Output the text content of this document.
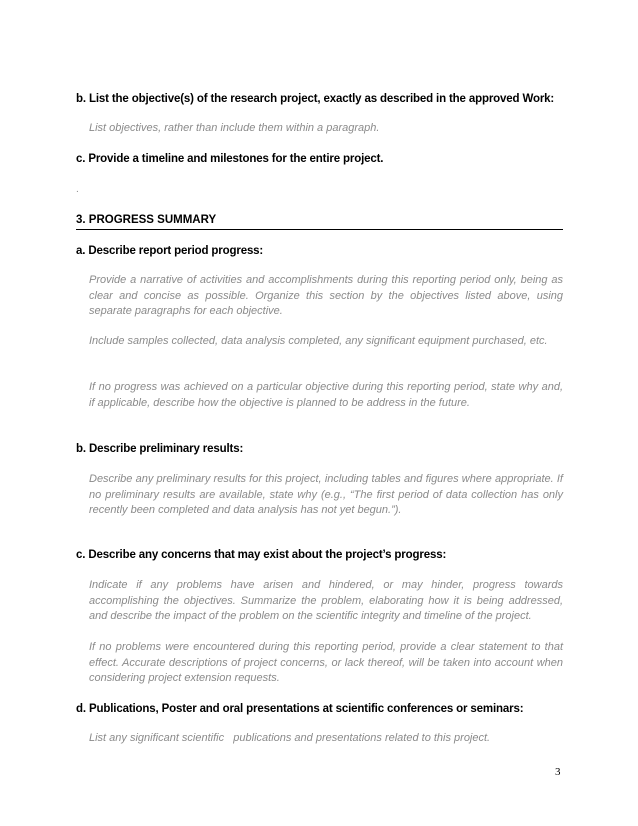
b. List the objective(s) of the research project, exactly as described in the approved Work:

List objectives, rather than include them within a paragraph.

c. Provide a timeline and milestones for the entire project.
.
3. PROGRESS SUMMARY
a. Describe report period progress:

Provide a narrative of activities and accomplishments during this reporting period only, being as clear and concise as possible. Organize this section by the objectives listed above, using separate paragraphs for each objective.

Include samples collected, data analysis completed, any significant equipment purchased, etc.

If no progress was achieved on a particular objective during this reporting period, state why and, if applicable, describe how the objective is planned to be address in the future.

b. Describe preliminary results:

Describe any preliminary results for this project, including tables and figures where appropriate. If no preliminary results are available, state why (e.g., “The first period of data collection has only recently been completed and data analysis has not yet begun.”).

c. Describe any concerns that may exist about the project’s progress:

Indicate if any problems have arisen and hindered, or may hinder, progress towards accomplishing the objectives. Summarize the problem, elaborating how it is being addressed, and describe the impact of the problem on the scientific integrity and timeline of the project.

If no problems were encountered during this reporting period, provide a clear statement to that effect. Accurate descriptions of project concerns, or lack thereof, will be taken into account when considering project extension requests.

d. Publications, Poster and oral presentations at scientific conferences or seminars:

List any significant scientific   publications and presentations related to this project.

3
